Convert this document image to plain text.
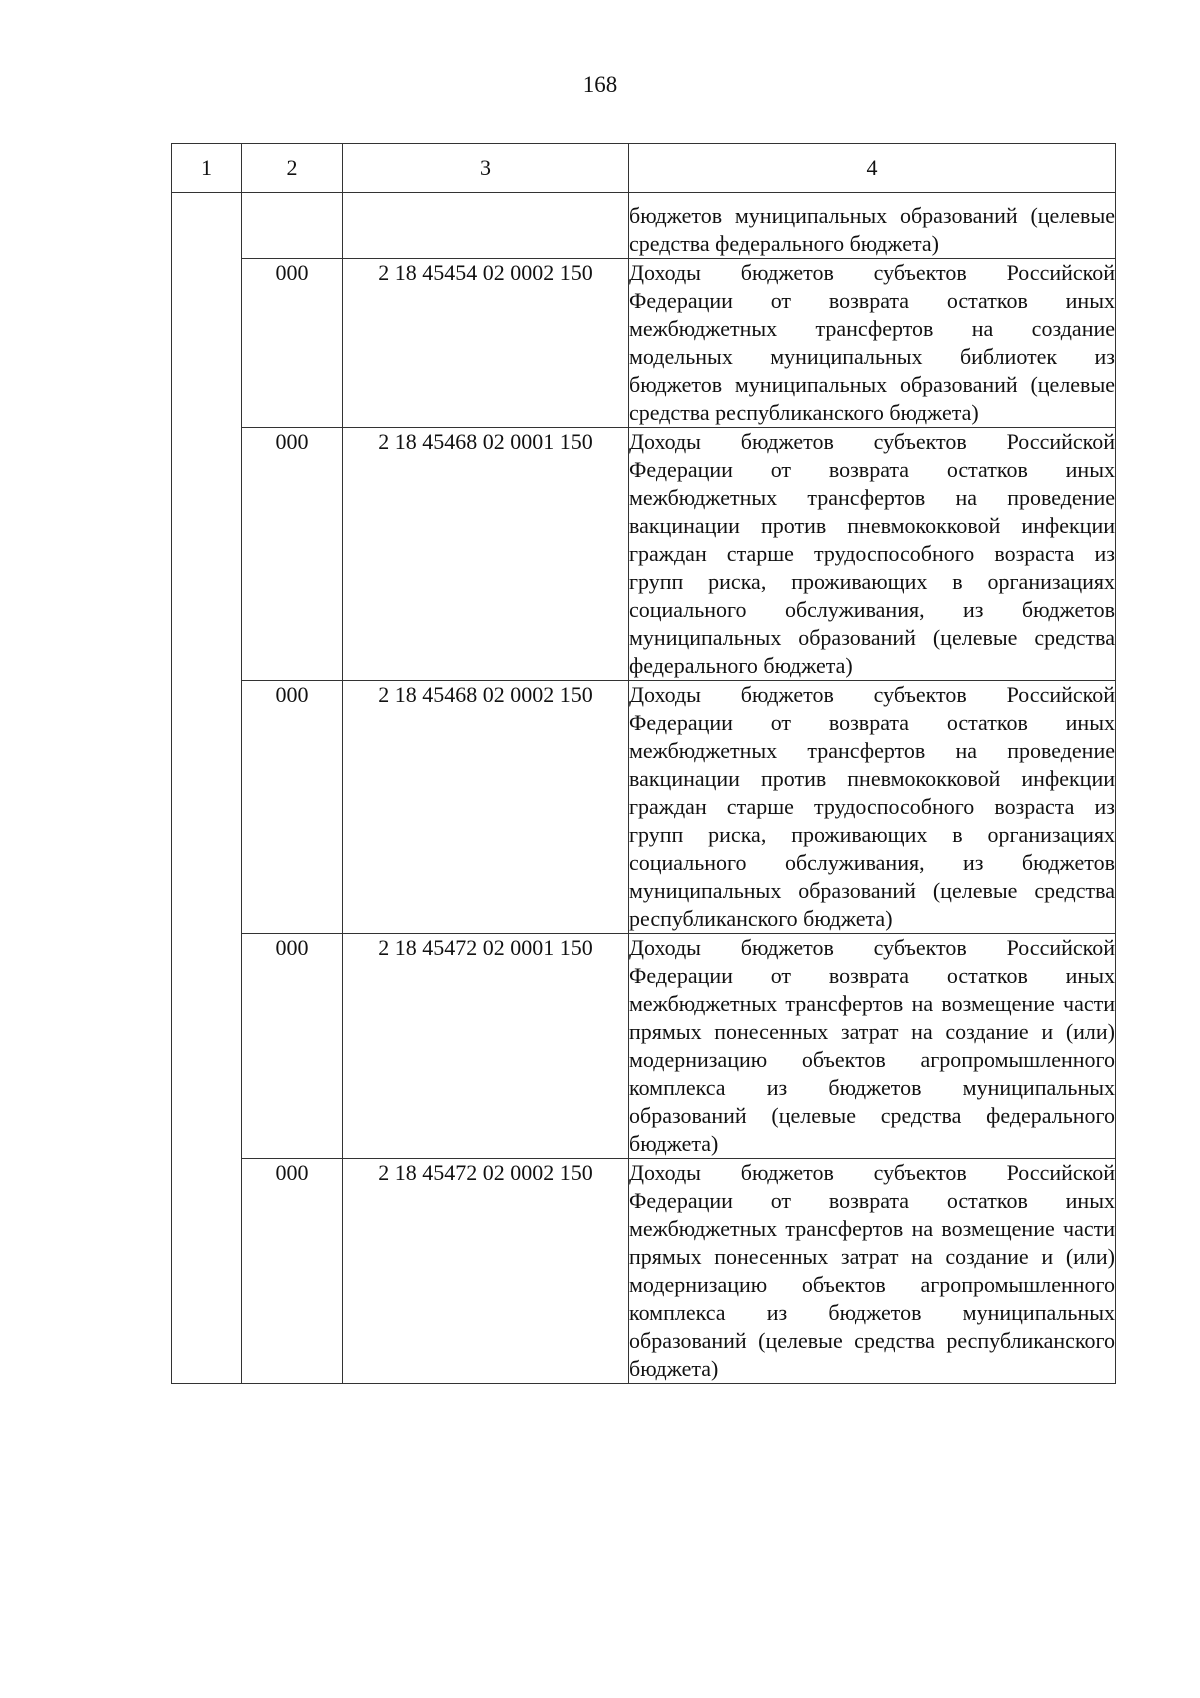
168
1	2	3	4
			бюджетов муниципальных образований (целевые средства федерального бюджета)
	000	2 18 45454 02 0002 150	Доходы бюджетов субъектов Российской Федерации от возврата остатков иных межбюджетных трансфертов на создание модельных муниципальных библиотек из бюджетов муниципальных образований (целевые средства республиканского бюджета)
	000	2 18 45468 02 0001 150	Доходы бюджетов субъектов Российской Федерации от возврата остатков иных межбюджетных трансфертов на проведение вакцинации против пневмококковой инфекции граждан старше трудоспособного возраста из групп риска, проживающих в организациях социального обслуживания, из бюджетов муниципальных образований (целевые средства федерального бюджета)
	000	2 18 45468 02 0002 150	Доходы бюджетов субъектов Российской Федерации от возврата остатков иных межбюджетных трансфертов на проведение вакцинации против пневмококковой инфекции граждан старше трудоспособного возраста из групп риска, проживающих в организациях социального обслуживания, из бюджетов муниципальных образований (целевые средства республиканского бюджета)
	000	2 18 45472 02 0001 150	Доходы бюджетов субъектов Российской Федерации от возврата остатков иных межбюджетных трансфертов на возмещение части прямых понесенных затрат на создание и (или) модернизацию объектов агропромышленного комплекса из бюджетов муниципальных образований (целевые средства федерального бюджета)
	000	2 18 45472 02 0002 150	Доходы бюджетов субъектов Российской Федерации от возврата остатков иных межбюджетных трансфертов на возмещение части прямых понесенных затрат на создание и (или) модернизацию объектов агропромышленного комплекса из бюджетов муниципальных образований (целевые средства республиканского бюджета)
